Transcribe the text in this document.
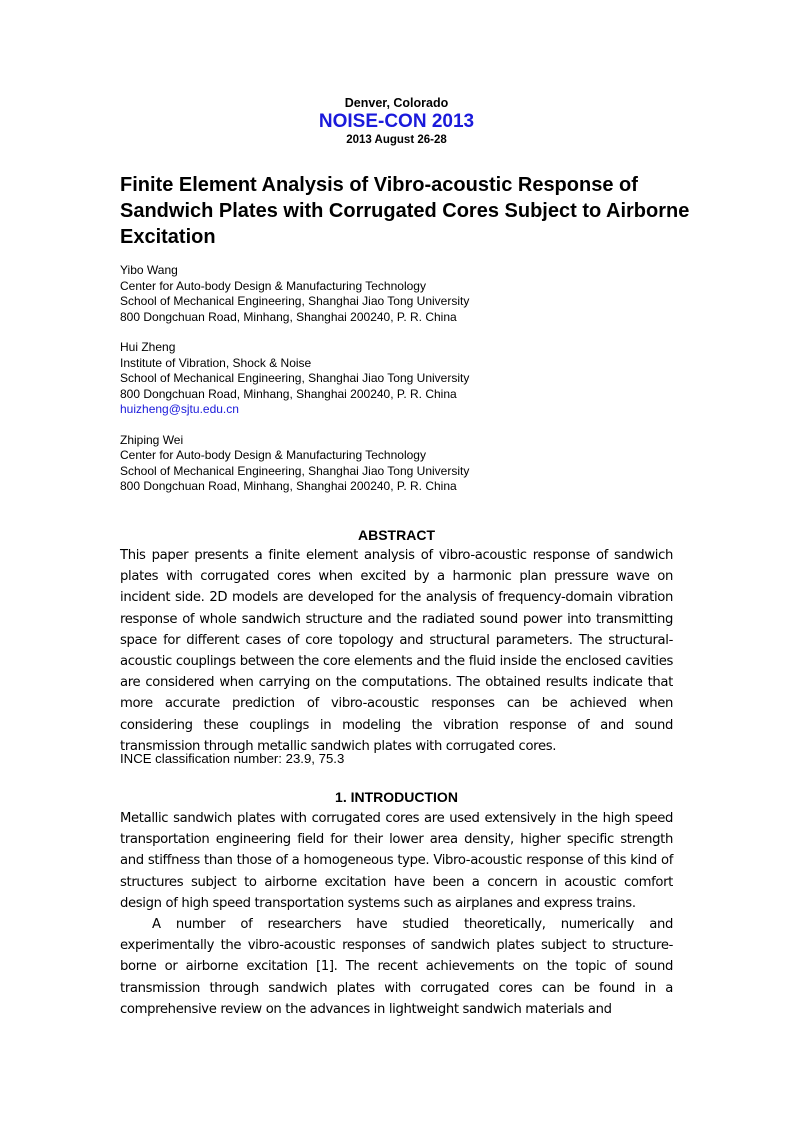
Denver, Colorado
NOISE-CON 2013
2013 August 26-28
Finite Element Analysis of Vibro-acoustic Response of Sandwich Plates with Corrugated Cores Subject to Airborne Excitation
Yibo Wang
Center for Auto-body Design & Manufacturing Technology
School of Mechanical Engineering, Shanghai Jiao Tong University
800 Dongchuan Road, Minhang, Shanghai 200240, P. R. China
Hui Zheng
Institute of Vibration, Shock & Noise
School of Mechanical Engineering, Shanghai Jiao Tong University
800 Dongchuan Road, Minhang, Shanghai 200240, P. R. China
huizheng@sjtu.edu.cn
Zhiping Wei
Center for Auto-body Design & Manufacturing Technology
School of Mechanical Engineering, Shanghai Jiao Tong University
800 Dongchuan Road, Minhang, Shanghai 200240, P. R. China
ABSTRACT

This paper presents a finite element analysis of vibro-acoustic response of sandwich plates with corrugated cores when excited by a harmonic plan pressure wave on incident side. 2D models are developed for the analysis of frequency-domain vibration response of whole sandwich structure and the radiated sound power into transmitting space for different cases of core topology and structural parameters. The structural-acoustic couplings between the core elements and the fluid inside the enclosed cavities are considered when carrying on the computations. The obtained results indicate that more accurate prediction of vibro-acoustic responses can be achieved when considering these couplings in modeling the vibration response of and sound transmission through metallic sandwich plates with corrugated cores.

INCE classification number: 23.9, 75.3

1. INTRODUCTION

Metallic sandwich plates with corrugated cores are used extensively in the high speed transportation engineering field for their lower area density, higher specific strength and stiffness than those of a homogeneous type. Vibro-acoustic response of this kind of structures subject to airborne excitation have been a concern in acoustic comfort design of high speed transportation systems such as airplanes and express trains.

A number of researchers have studied theoretically, numerically and experimentally the vibro-acoustic responses of sandwich plates subject to structure-borne or airborne excitation [1]. The recent achievements on the topic of sound transmission through sandwich plates with corrugated cores can be found in a comprehensive review on the advances in lightweight sandwich materials and
